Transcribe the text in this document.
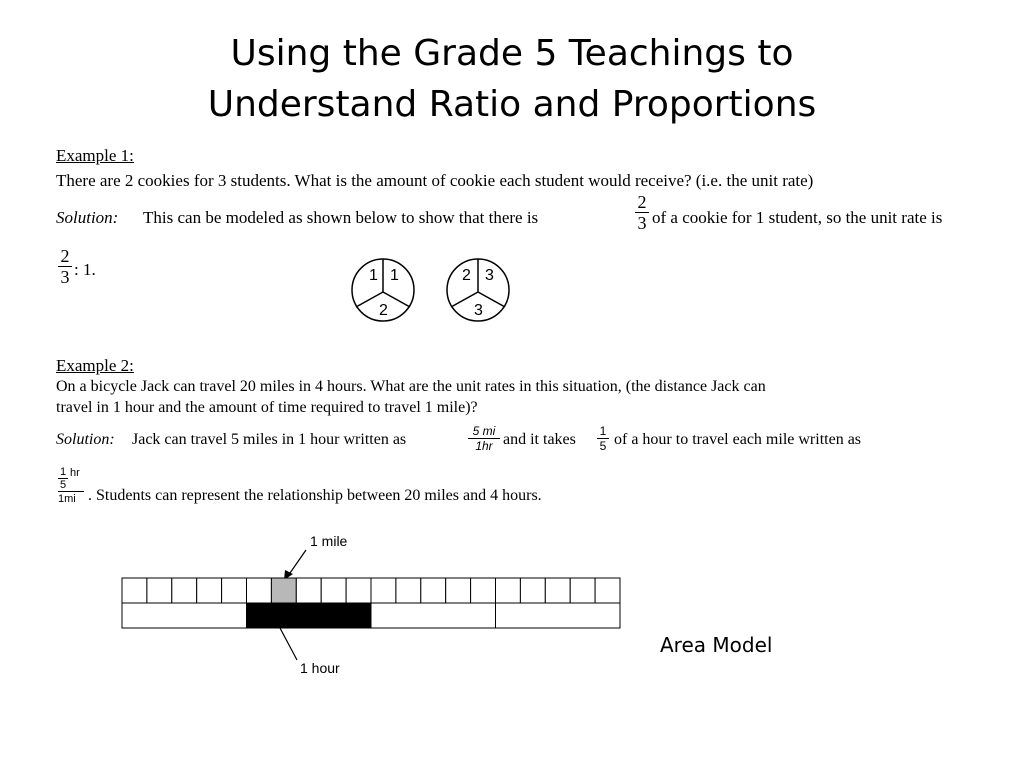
Using the Grade 5 Teachings to
Understand Ratio and Proportions
Example 1:
There are 2 cookies for 3 students. What is the amount of cookie each student would receive? (i.e. the unit rate)
Solution: This can be modeled as shown below to show that there is	$\frac{2}{3}$ of a cookie for 1 student, so the unit rate is
$\frac{2}{3}$ : 1.	1 1
2
2 3
3
Example 2:
On a bicycle Jack can travel 20 miles in 4 hours. What are the unit rates in this situation, (the distance Jack can
travel in 1 hour and the amount of time required to travel 1 mile)?
Solution: Jack can travel 5 miles in 1 hour written as	$\frac{5 mi}{1hr}$ and it takes $\frac{1}{5}$ of a hour to travel each mile written as
$\frac{1}{5}$ hr
1mi . Students can represent the relationship between 20 miles and 4 hours.
1 mile
1 hour
Area Model
